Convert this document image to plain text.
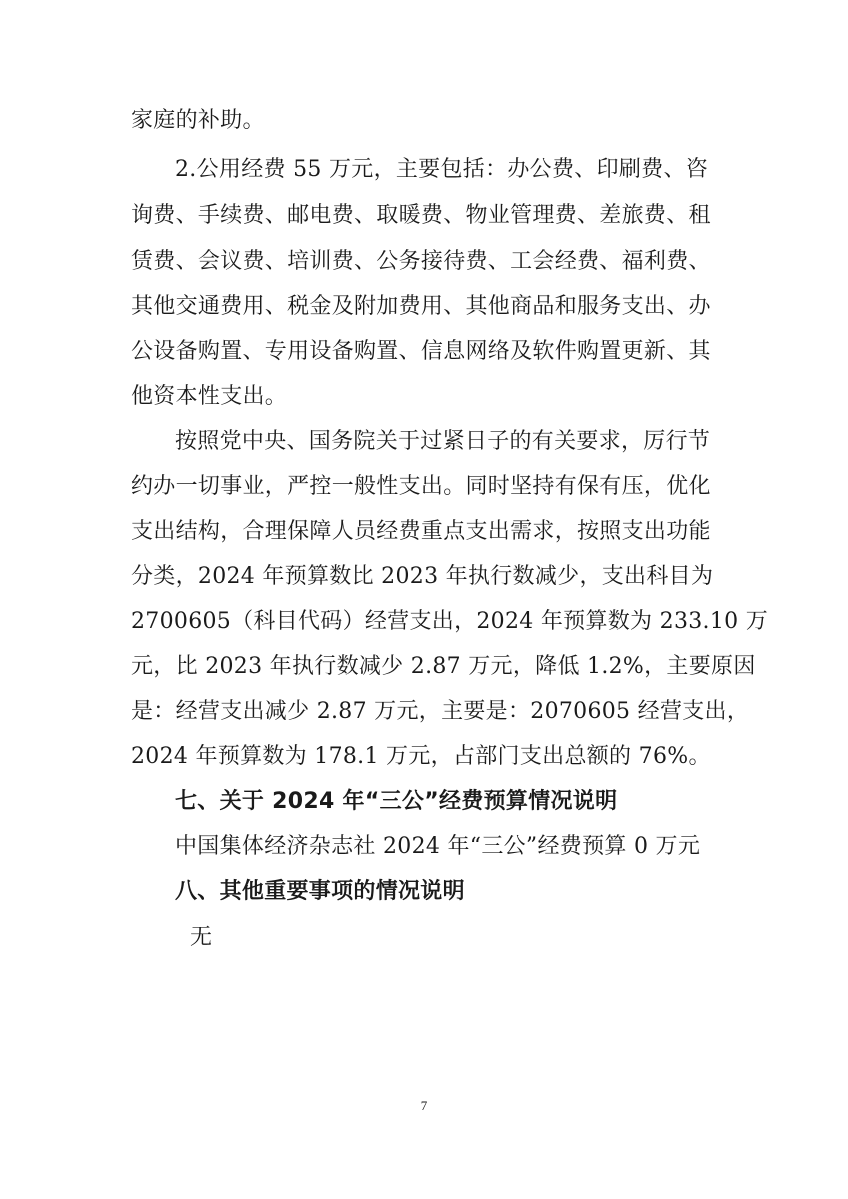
家庭的补助。
2.公用经费 55 万元，主要包括：办公费、印刷费、咨
询费、手续费、邮电费、取暖费、物业管理费、差旅费、租
赁费、会议费、培训费、公务接待费、工会经费、福利费、
其他交通费用、税金及附加费用、其他商品和服务支出、办
公设备购置、专用设备购置、信息网络及软件购置更新、其
他资本性支出。
按照党中央、国务院关于过紧日子的有关要求，厉行节
约办一切事业，严控一般性支出。同时坚持有保有压，优化
支出结构，合理保障人员经费重点支出需求，按照支出功能
分类，2024 年预算数比 2023 年执行数减少，支出科目为
2700605（科目代码）经营支出，2024 年预算数为 233.10 万
元，比 2023 年执行数减少 2.87 万元，降低 1.2%，主要原因
是：经营支出减少 2.87 万元，主要是：2070605 经营支出，
2024 年预算数为 178.1 万元，占部门支出总额的 76%。
七、关于 2024 年“三公”经费预算情况说明
中国集体经济杂志社 2024 年“三公”经费预算 0 万元
八、其他重要事项的情况说明
无
7
